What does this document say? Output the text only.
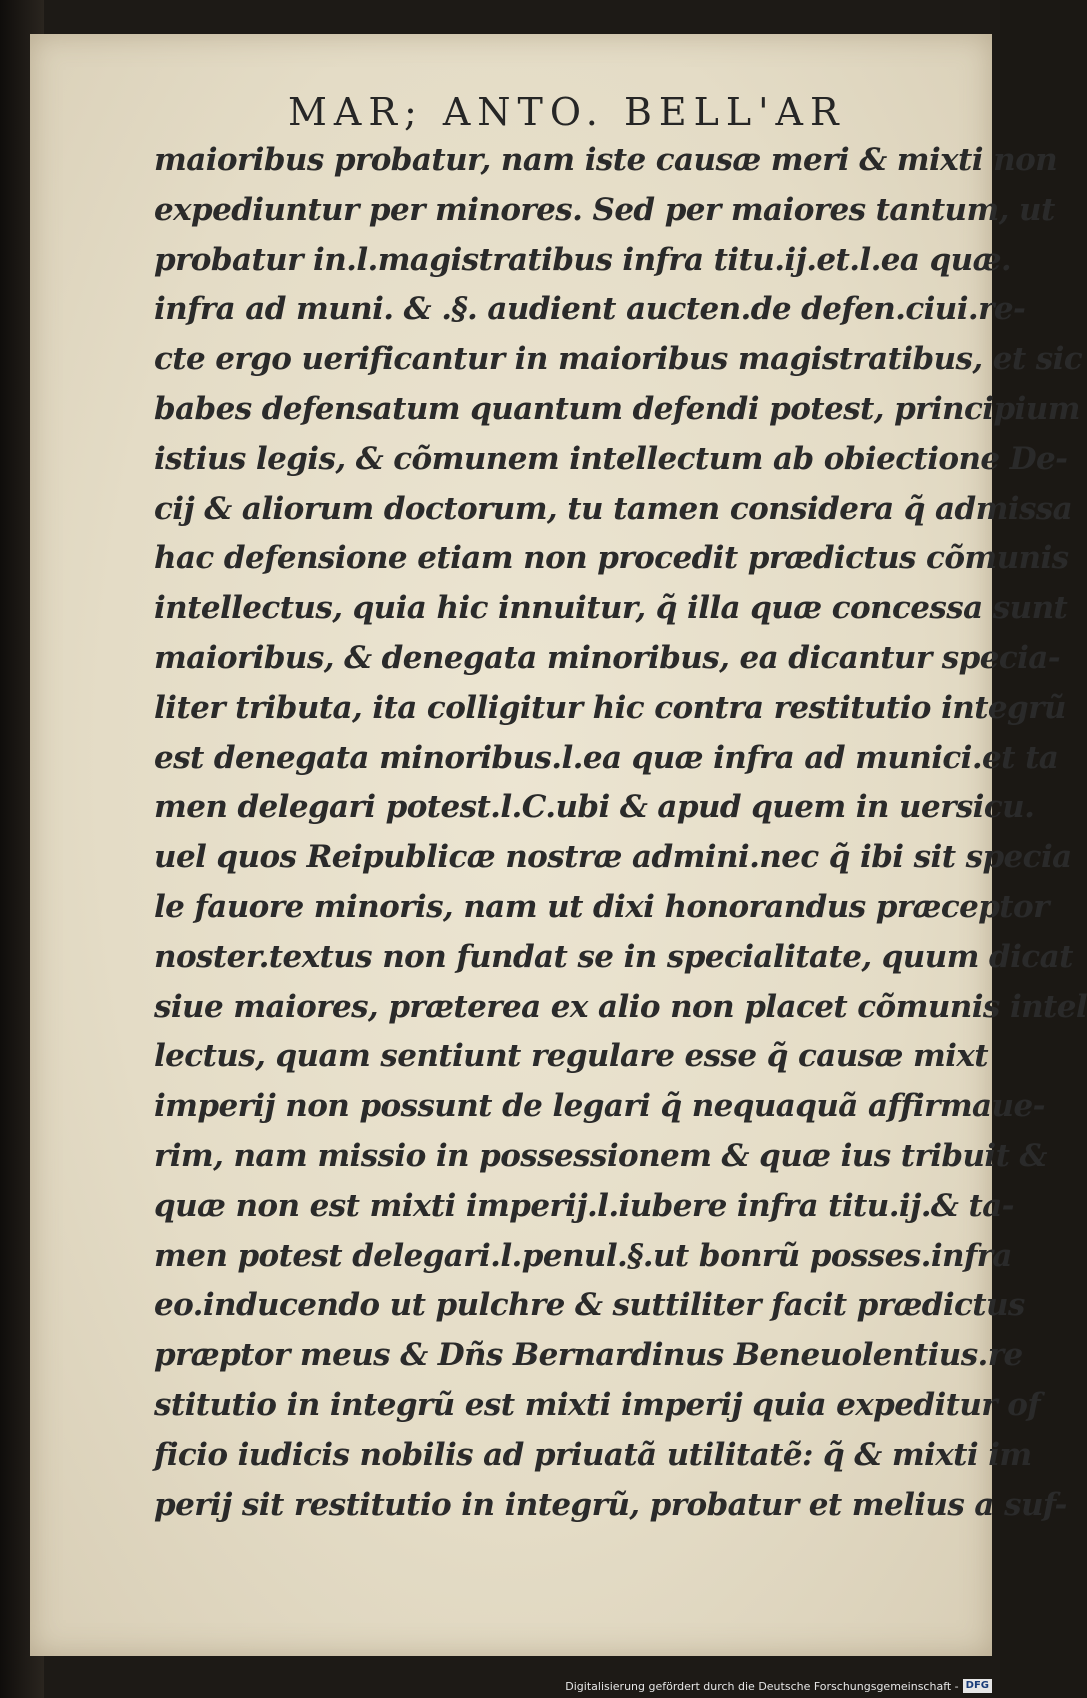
MAR; ANTO. BELL'AR
maioribus probatur, nam iste causæ meri & mixti non
expediuntur per minores. Sed per maiores tantum, ut
probatur in.l.magistratibus infra titu.ij.et.l.ea quæ.
infra ad muni. & .§. audient aucten.de defen.ciui.re-
cte ergo uerificantur in maioribus magistratibus, et sic
babes defensatum quantum defendi potest, principium
istius legis, & cõmunem intellectum ab obiectione De-
cij & aliorum doctorum, tu tamen considera q̃ admissa
hac defensione etiam non procedit prædictus cõmunis
intellectus, quia hic innuitur, q̃ illa quæ concessa sunt
maioribus, & denegata minoribus, ea dicantur specia-
liter tributa, ita colligitur hic contra restitutio integrũ
est denegata minoribus.l.ea quæ infra ad munici.et ta
men delegari potest.l.C.ubi & apud quem in uersicu.
uel quos Reipublicæ nostræ admini.nec q̃ ibi sit specia
le fauore minoris, nam ut dixi honorandus præceptor
noster.textus non fundat se in specialitate, quum dicat
siue maiores, præterea ex alio non placet cõmunis intel
lectus, quam sentiunt regulare esse q̃ causæ mixt
imperij non possunt de legari q̃ nequaquã affirmaue-
rim, nam missio in possessionem & quæ ius tribuit &
quæ non est mixti imperij.l.iubere infra titu.ij.& ta-
men potest delegari.l.penul.§.ut bonrũ posses.infra
eo.inducendo ut pulchre & suttiliter facit prædictus
præptor meus & Dñs Bernardinus Beneuolentius.re
stitutio in integrũ est mixti imperij quia expeditur of
ficio iudicis nobilis ad priuatã utilitatẽ: q̃ & mixti im
perij sit restitutio in integrũ, probatur et melius a suf-
Digitalisierung gefördert durch die Deutsche Forschungsgemeinschaft - DFG
